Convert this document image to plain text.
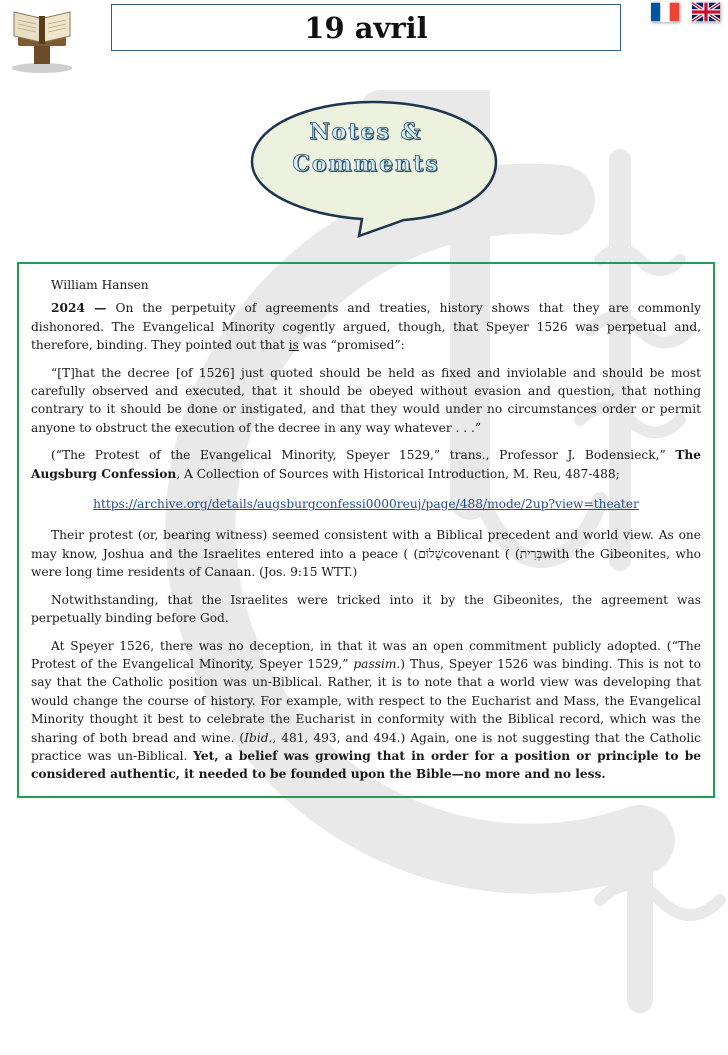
19 avril
Notes &
Comments

William Hansen

2024 — On the perpetuity of agreements and treaties, history shows that they are commonly dishonored. The Evangelical Minority cogently argued, though, that Speyer 1526 was perpetual and, therefore, binding. They pointed out that is was “promised”:

“[T]hat the decree [of 1526] just quoted should be held as fixed and inviolable and should be most carefully observed and executed, that it should be obeyed without evasion and question, that nothing contrary to it should be done or instigated, and that they would under no circumstances order or permit anyone to obstruct the execution of the decree in any way whatever . . .”

(“The Protest of the Evangelical Minority, Speyer 1529,” trans., Professor J. Bodensieck,” The Augsburg Confession, A Collection of Sources with Historical Introduction, M. Reu, 487-488;

https://archive.org/details/augsburgconfessi0000reuj/page/488/mode/2up?view=theater

Their protest (or, bearing witness) seemed consistent with a Biblical precedent and world view. As one may know, Joshua and the Israelites entered into a peace ( (שָׁלוֹם‎covenant ( (בְּרִית‎with the Gibeonites, who were long time residents of Canaan. (Jos. 9:15 WTT.)

Notwithstanding, that the Israelites were tricked into it by the Gibeonites, the agreement was perpetually binding before God.

At Speyer 1526, there was no deception, in that it was an open commitment publicly adopted. (“The Protest of the Evangelical Minority, Speyer 1529,” passim.) Thus, Speyer 1526 was binding. This is not to say that the Catholic position was un-Biblical. Rather, it is to note that a world view was developing that would change the course of history. For example, with respect to the Eucharist and Mass, the Evangelical Minority thought it best to celebrate the Eucharist in conformity with the Biblical record, which was the sharing of both bread and wine. (Ibid., 481, 493, and 494.) Again, one is not suggesting that the Catholic practice was un-Biblical. Yet, a belief was growing that in order for a position or principle to be considered authentic, it needed to be founded upon the Bible—no more and no less.
